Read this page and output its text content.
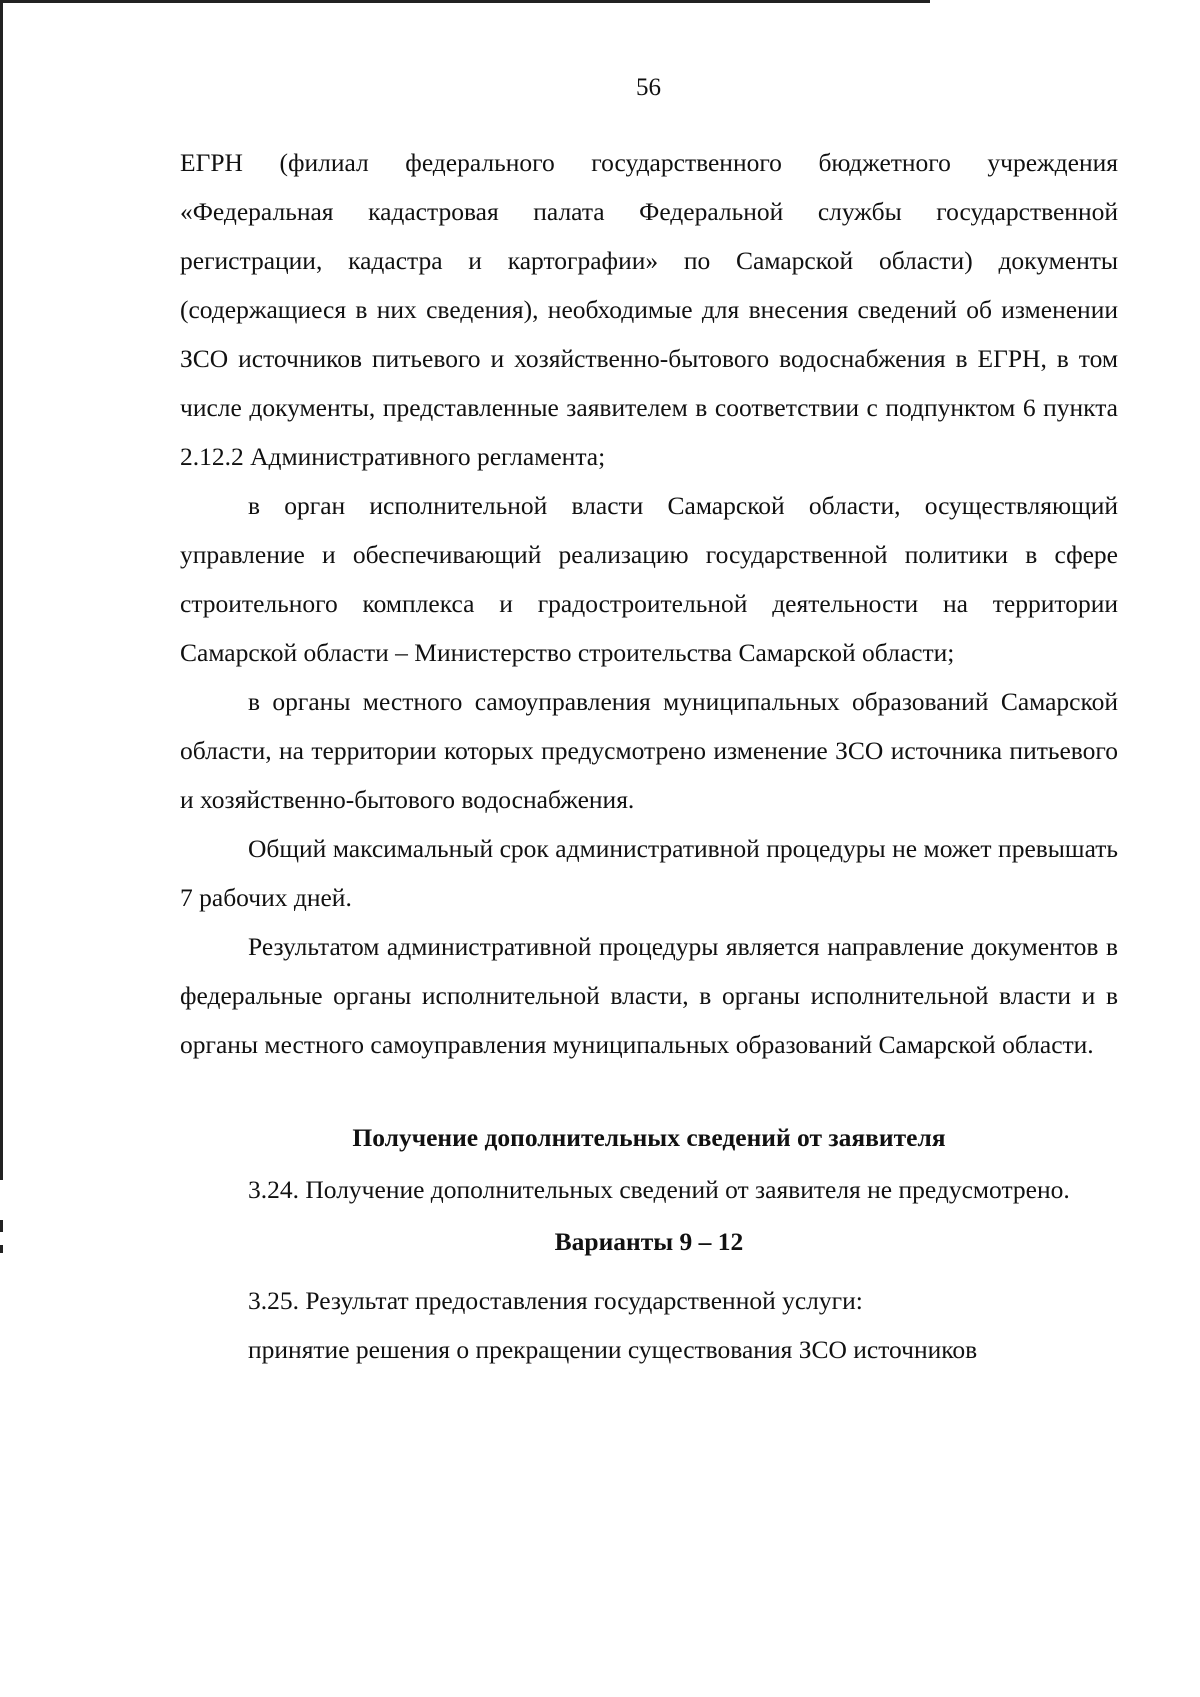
56

ЕГРН (филиал федерального государственного бюджетного учреждения «Федеральная кадастровая палата Федеральной службы государственной регистрации, кадастра и картографии» по Самарской области) документы (содержащиеся в них сведения), необходимые для внесения сведений об изменении ЗСО источников питьевого и хозяйственно-бытового водоснабжения в ЕГРН, в том числе документы, представленные заявителем в соответствии с подпунктом 6 пункта 2.12.2 Административного регламента;

в орган исполнительной власти Самарской области, осуществляющий управление и обеспечивающий реализацию государственной политики в сфере строительного комплекса и градостроительной деятельности на территории Самарской области – Министерство строительства Самарской области;

в органы местного самоуправления муниципальных образований Самарской области, на территории которых предусмотрено изменение ЗСО источника питьевого и хозяйственно-бытового водоснабжения.

Общий максимальный срок административной процедуры не может превышать 7 рабочих дней.

Результатом административной процедуры является направление документов в федеральные органы исполнительной власти, в органы исполнительной власти и в органы местного самоуправления муниципальных образований Самарской области.

Получение дополнительных сведений от заявителя

3.24. Получение дополнительных сведений от заявителя не предусмотрено.

Варианты 9 – 12

3.25. Результат предоставления государственной услуги:

принятие решения о прекращении существования ЗСО источников
